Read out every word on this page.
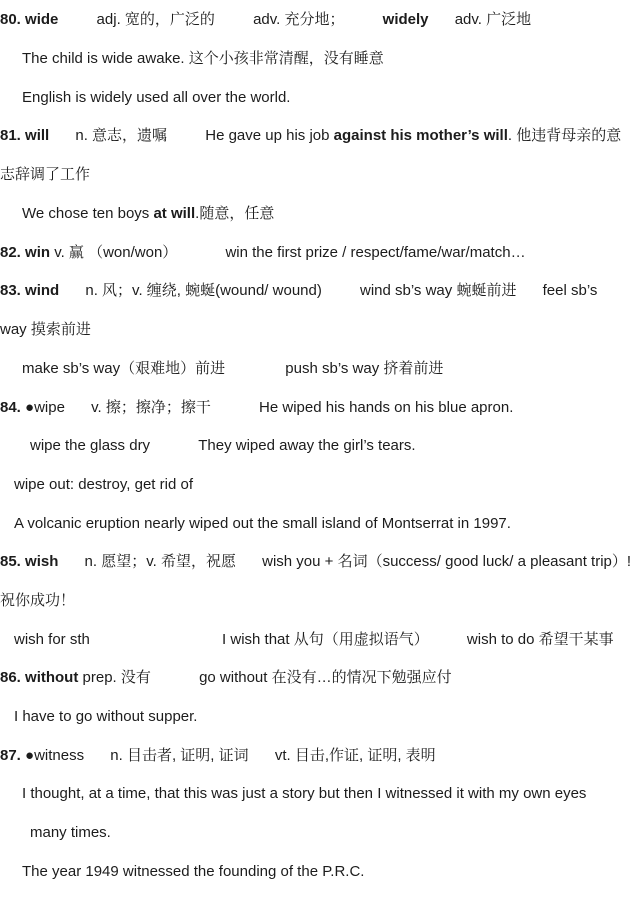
80. wide	adj. 宽的，广泛的	adv. 充分地；	widely adv. 广泛地
The child is wide awake. 这个小孩非常清醒，没有睡意
English is widely used all over the world.
81. will n. 意志，遗嘱	He gave up his job against his mother’s will. 他违背母亲的意
志辞调了工作
We chose ten boys at will.随意，任意
82. win v. 赢 （won/won）	win the first prize / respect/fame/war/match…
83. wind n. 风；v. 缠绕, 蜿蜒(wound/ wound)	wind sb’s way 蜿蜒前进 feel sb’s
way 摸索前进
make sb’s way（艰难地）前进	push sb’s way 挤着前进
84. ●wipe v. 擦；擦净；擦干	He wiped his hands on his blue apron.
wipe the glass dry	They wiped away the girl’s tears.
wipe out: destroy, get rid of
A volcanic eruption nearly wiped out the small island of Montserrat in 1997.
85. wish n. 愿望；v. 希望，祝愿 wish you + 名词（success/ good luck/ a pleasant trip）!
祝你成功！
wish for sth	I wish that 从句（用虚拟语气）	wish to do 希望干某事
86. without prep. 没有	go without 在没有…的情况下勉强应付
I have to go without supper.
87. ●witness n. 目击者, 证明, 证词 vt. 目击,作证, 证明, 表明
I thought, at a time, that this was just a story but then I witnessed it with my own eyes
many times.
The year 1949 witnessed the founding of the P.R.C.
